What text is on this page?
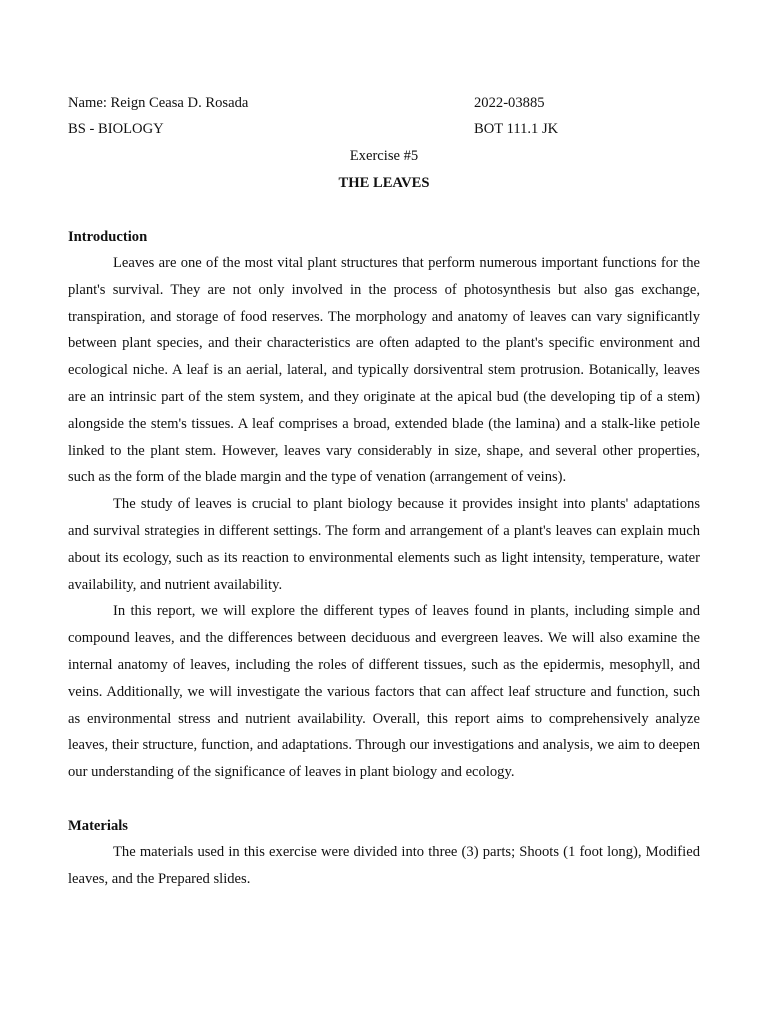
Name: Reign Ceasa D. Rosada	2022-03885
BS - BIOLOGY	BOT 111.1 JK
Exercise #5
THE LEAVES
Introduction

Leaves are one of the most vital plant structures that perform numerous important functions for the plant's survival. They are not only involved in the process of photosynthesis but also gas exchange, transpiration, and storage of food reserves. The morphology and anatomy of leaves can vary significantly between plant species, and their characteristics are often adapted to the plant's specific environment and ecological niche. A leaf is an aerial, lateral, and typically dorsiventral stem protrusion. Botanically, leaves are an intrinsic part of the stem system, and they originate at the apical bud (the developing tip of a stem) alongside the stem's tissues. A leaf comprises a broad, extended blade (the lamina) and a stalk-like petiole linked to the plant stem. However, leaves vary considerably in size, shape, and several other properties, such as the form of the blade margin and the type of venation (arrangement of veins).

The study of leaves is crucial to plant biology because it provides insight into plants' adaptations and survival strategies in different settings. The form and arrangement of a plant's leaves can explain much about its ecology, such as its reaction to environmental elements such as light intensity, temperature, water availability, and nutrient availability.

In this report, we will explore the different types of leaves found in plants, including simple and compound leaves, and the differences between deciduous and evergreen leaves. We will also examine the internal anatomy of leaves, including the roles of different tissues, such as the epidermis, mesophyll, and veins. Additionally, we will investigate the various factors that can affect leaf structure and function, such as environmental stress and nutrient availability. Overall, this report aims to comprehensively analyze leaves, their structure, function, and adaptations. Through our investigations and analysis, we aim to deepen our understanding of the significance of leaves in plant biology and ecology.

Materials

The materials used in this exercise were divided into three (3) parts; Shoots (1 foot long), Modified leaves, and the Prepared slides.
